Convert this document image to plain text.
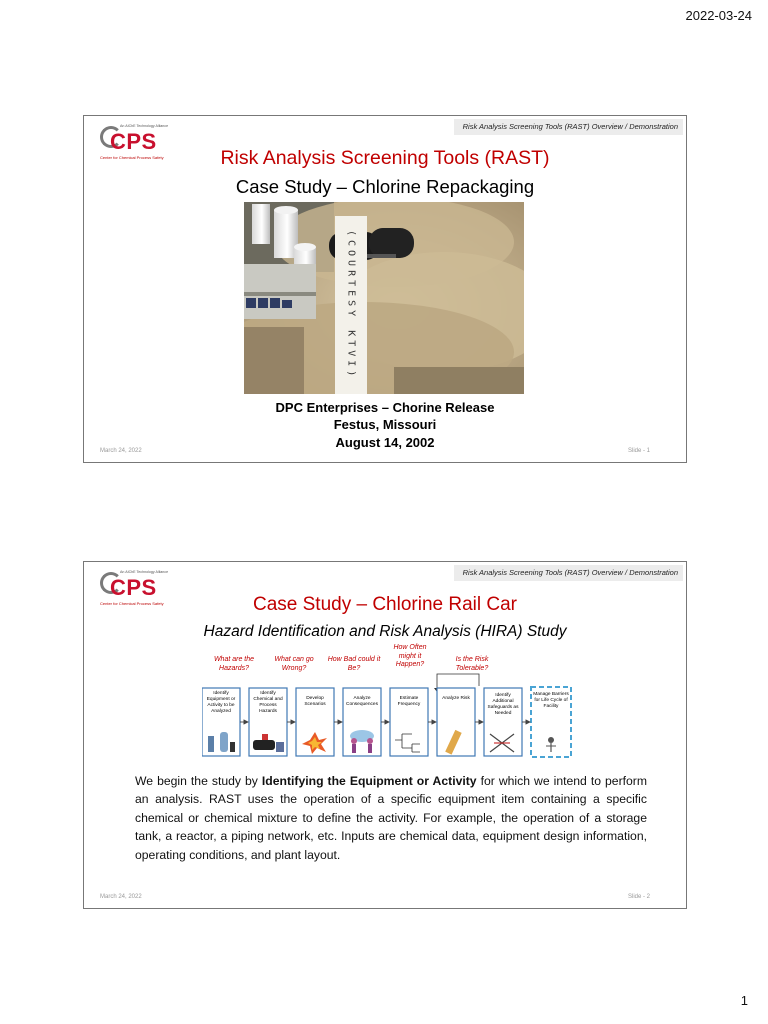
2022-03-24
Risk Analysis Screening Tools (RAST) Overview / Demonstration
An AIChE Technology Alliance
CPS
Center for Chemical Process Safety	Risk Analysis Screening Tools (RAST)
Case Study – Chlorine Repackaging
(COURTESY KTVI)
DPC Enterprises – Chorine Release
Festus, Missouri
August 14, 2002
March 24, 2022	Slide - 1
Risk Analysis Screening Tools (RAST) Overview / Demonstration
An AIChE Technology Alliance
CPS
Center for Chemical Process Safety	Case Study – Chlorine Rail Car
Hazard Identification and Risk Analysis (HIRA) Study
What are the Hazards?
What can go Wrong?
How Bad could it Be?
How Often might it Happen?
Is the Risk Tolerable?
Identify Equipment or Activity to be Analyzed
Identify Chemical and Process Hazards
Develop Scenarios
Analyze Consequences
Estimate Frequency
Analyze Risk
Identify Additional Safeguards as Needed
Manage Barriers for Life Cycle of Facility
We begin the study by Identifying the Equipment or Activity for which we intend to perform an analysis. RAST uses the operation of a specific equipment item containing a specific chemical or chemical mixture to define the activity. For example, the operation of a storage tank, a reactor, a piping network, etc. Inputs are chemical data, equipment design information, operating conditions, and plant layout.
March 24, 2022	Slide - 2
1
